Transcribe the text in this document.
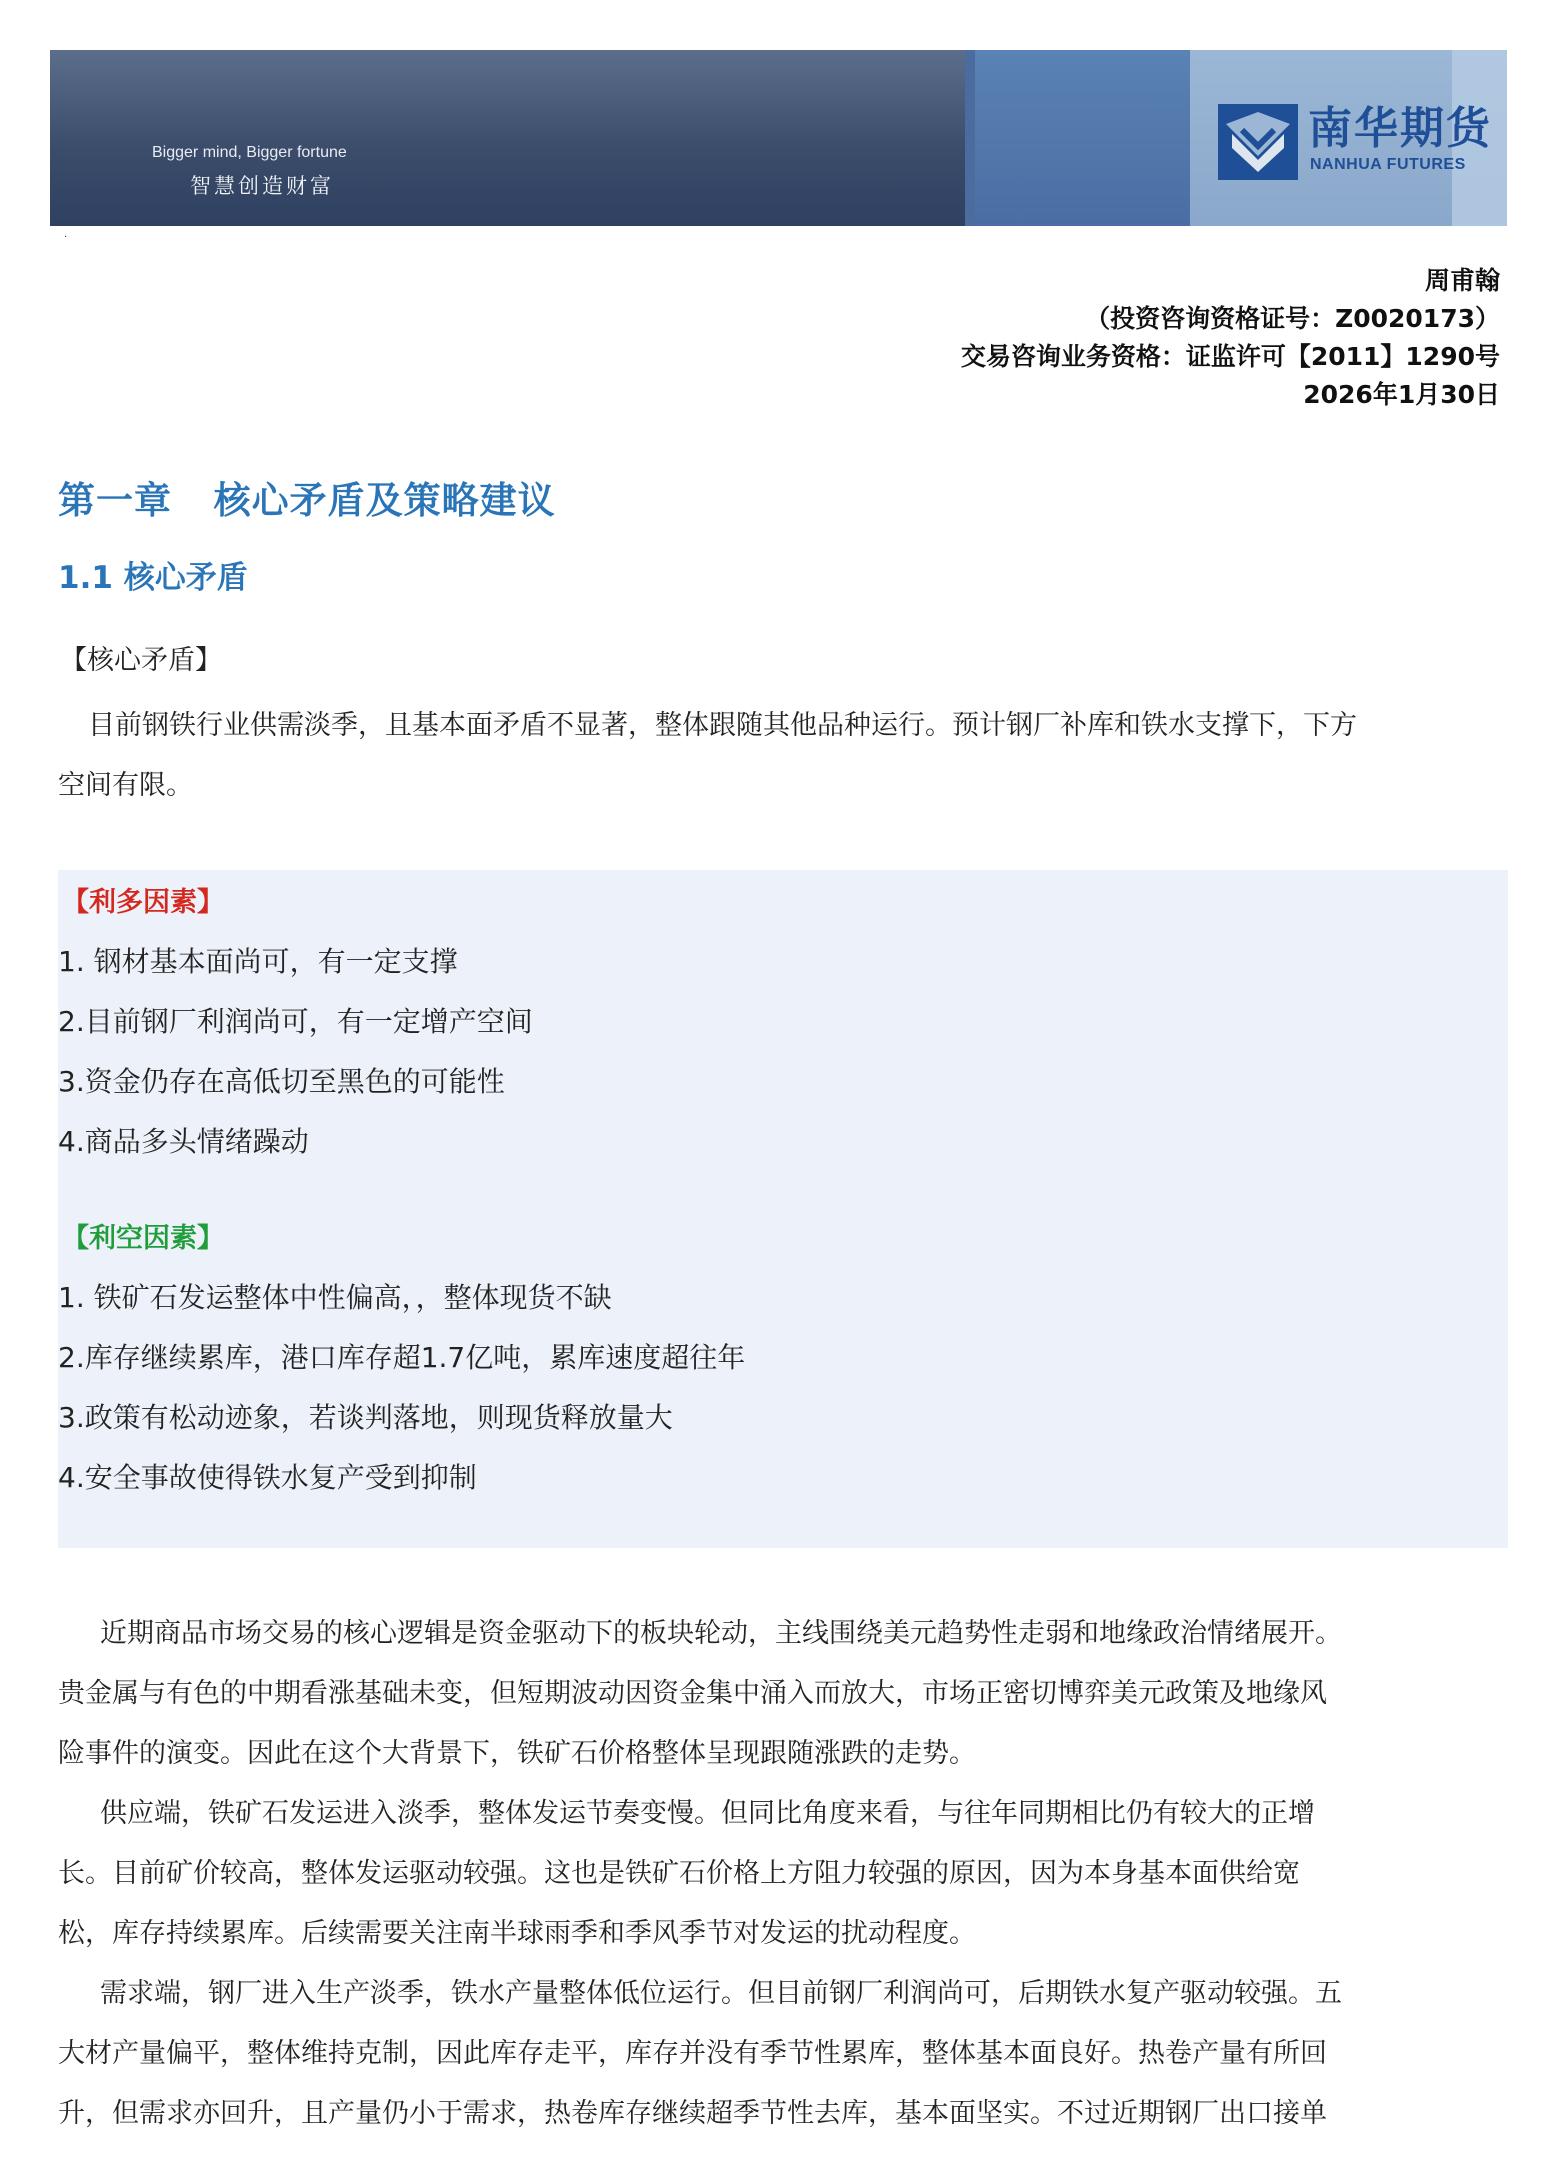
Bigger mind, Bigger fortune
智慧创造财富
南华期货
NANHUA FUTURES
·
周甫翰
（投资咨询资格证号：Z0020173）
交易咨询业务资格：证监许可【2011】1290号
2026年1月30日
第一章   核心矛盾及策略建议
1.1 核心矛盾
【核心矛盾】
目前钢铁行业供需淡季，且基本面矛盾不显著，整体跟随其他品种运行。预计钢厂补库和铁水支撑下，下方
空间有限。
【利多因素】
1. 钢材基本面尚可，有一定支撑
2.目前钢厂利润尚可，有一定增产空间
3.资金仍存在高低切至黑色的可能性
4.商品多头情绪躁动
【利空因素】
1. 铁矿石发运整体中性偏高，，整体现货不缺
2.库存继续累库，港口库存超1.7亿吨，累库速度超往年
3.政策有松动迹象，若谈判落地，则现货释放量大
4.安全事故使得铁水复产受到抑制
近期商品市场交易的核心逻辑是资金驱动下的板块轮动，主线围绕美元趋势性走弱和地缘政治情绪展开。
贵金属与有色的中期看涨基础未变，但短期波动因资金集中涌入而放大，市场正密切博弈美元政策及地缘风
险事件的演变。因此在这个大背景下，铁矿石价格整体呈现跟随涨跌的走势。
供应端，铁矿石发运进入淡季，整体发运节奏变慢。但同比角度来看，与往年同期相比仍有较大的正增
长。目前矿价较高，整体发运驱动较强。这也是铁矿石价格上方阻力较强的原因，因为本身基本面供给宽
松，库存持续累库。后续需要关注南半球雨季和季风季节对发运的扰动程度。
需求端，钢厂进入生产淡季，铁水产量整体低位运行。但目前钢厂利润尚可，后期铁水复产驱动较强。五
大材产量偏平，整体维持克制，因此库存走平，库存并没有季节性累库，整体基本面良好。热卷产量有所回
升，但需求亦回升，且产量仍小于需求，热卷库存继续超季节性去库，基本面坚实。不过近期钢厂出口接单
